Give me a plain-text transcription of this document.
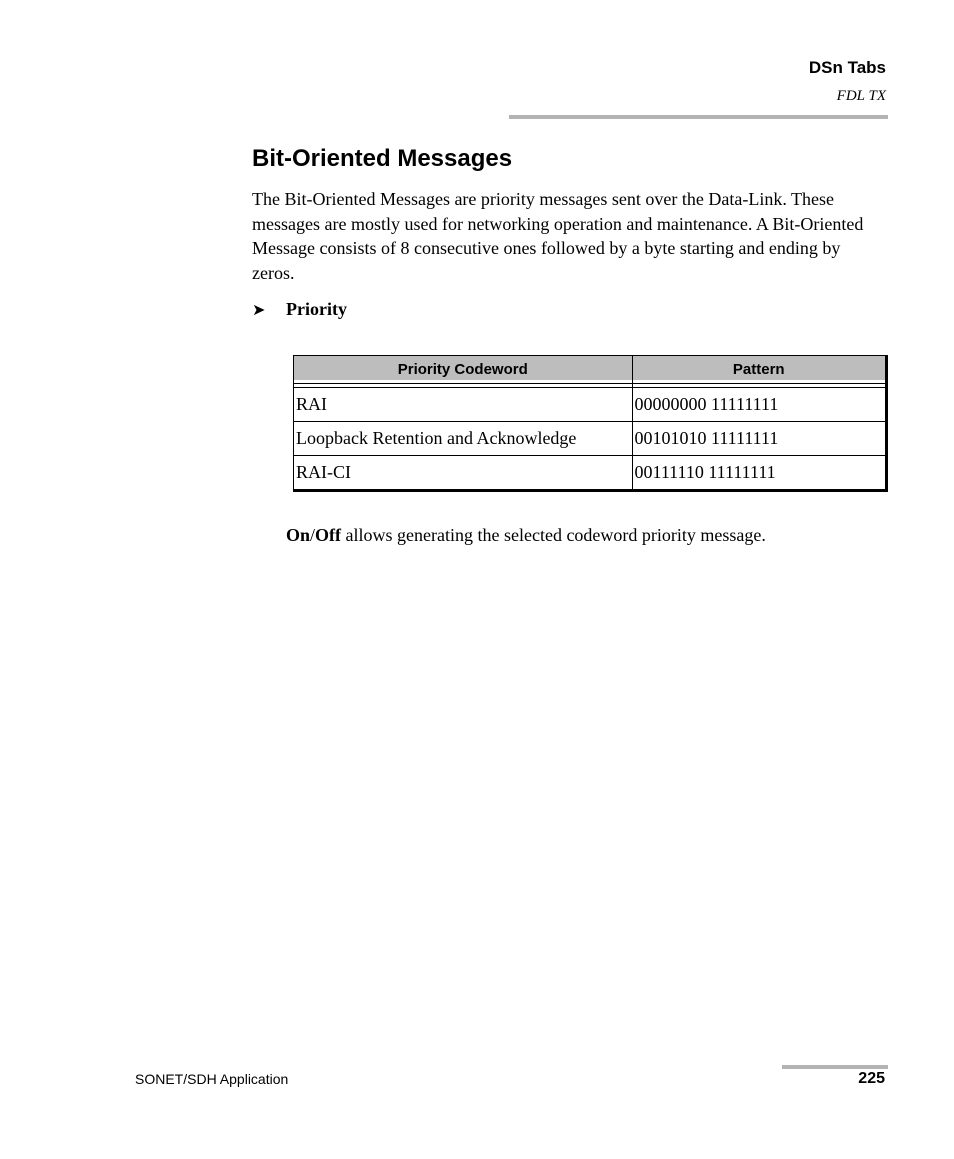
DSn Tabs
FDL TX
Bit-Oriented Messages

The Bit-Oriented Messages are priority messages sent over the Data-Link. These messages are mostly used for networking operation and maintenance. A Bit-Oriented Message consists of 8 consecutive ones followed by a byte starting and ending by zeros.

➤	Priority
Priority Codeword	Pattern

RAI	00000000 11111111
Loopback Retention and Acknowledge	00101010 11111111
RAI-CI	00111110 11111111

On/Off allows generating the selected codeword priority message.

SONET/SDH Application	225
